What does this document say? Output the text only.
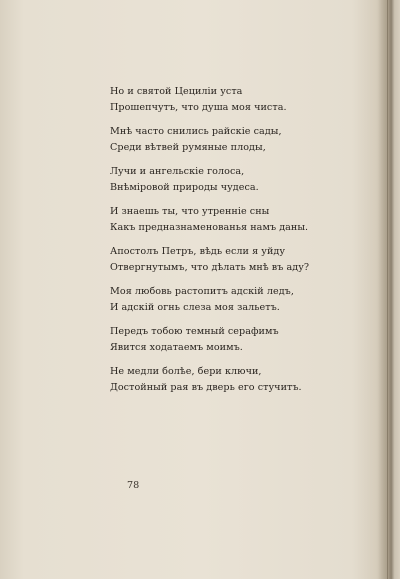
Но и святой Цециліи уста
Прошепчутъ, что душа моя чиста.
Мнѣ часто снились райскіе сады,
Среди вѣтвей румяные плоды,
Лучи и ангельскіе голоса,
Внѣміровой природы чудеса.
И знаешь ты, что утренніе сны
Какъ предназнаменованья намъ даны.
Апостолъ Петръ, вѣдь если я уйду
Отвергнутымъ, что дѣлать мнѣ въ аду?
Моя любовь растопитъ адскій ледъ,
И адскій огнь слеза моя зальетъ.
Передъ тобою темный серафимъ
Явится ходатаемъ моимъ.
Не медли болѣе, бери ключи,
Достойный рая въ дверь его стучитъ.
78
